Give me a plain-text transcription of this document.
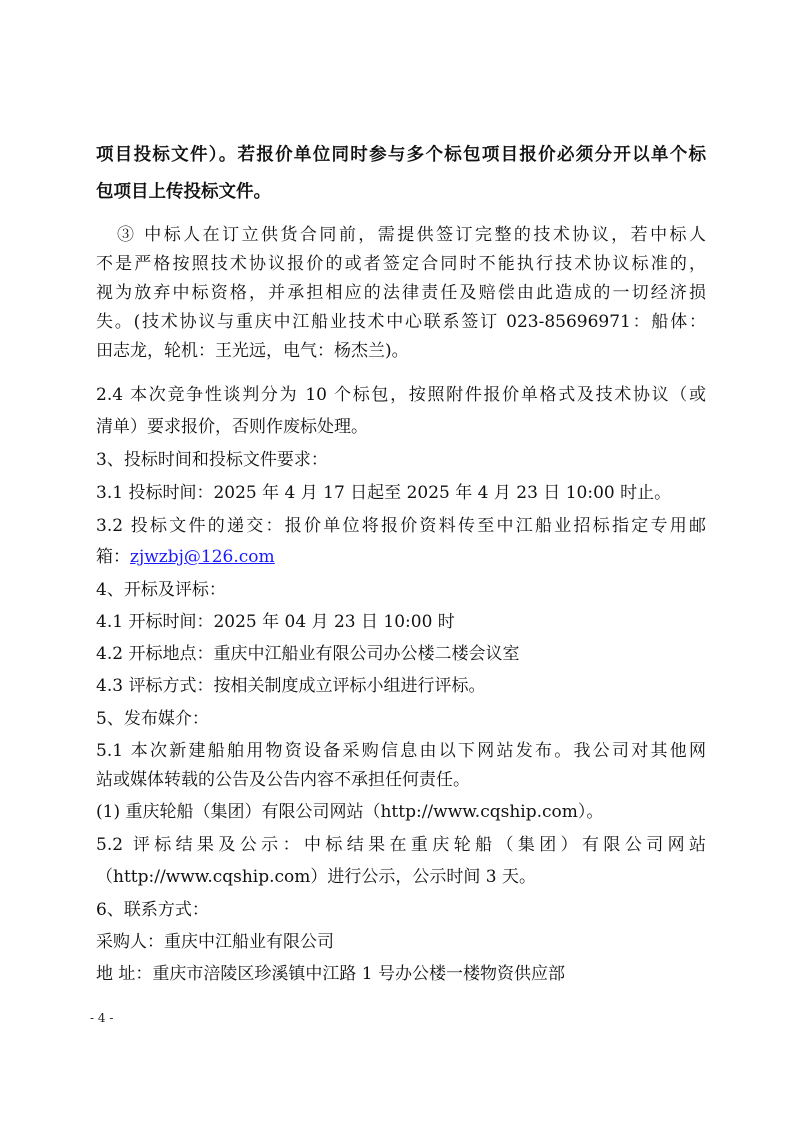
项目投标文件）。若报价单位同时参与多个标包项目报价必须分开以单个标
包项目上传投标文件。
③ 中标人在订立供货合同前，需提供签订完整的技术协议，若中标人
不是严格按照技术协议报价的或者签定合同时不能执行技术协议标准的，
视为放弃中标资格，并承担相应的法律责任及赔偿由此造成的一切经济损
失。(技术协议与重庆中江船业技术中心联系签订 023-85696971：船体：
田志龙，轮机：王光远，电气：杨杰兰)。
2.4 本次竞争性谈判分为 10 个标包，按照附件报价单格式及技术协议（或
清单）要求报价，否则作废标处理。
3、投标时间和投标文件要求：
3.1 投标时间：2025 年 4 月 17 日起至 2025 年 4 月 23 日 10:00 时止。
3.2 投标文件的递交：报价单位将报价资料传至中江船业招标指定专用邮
箱：zjwzbj@126.com
4、开标及评标：
4.1 开标时间：2025 年 04 月 23 日 10:00 时
4.2 开标地点：重庆中江船业有限公司办公楼二楼会议室
4.3 评标方式：按相关制度成立评标小组进行评标。
5、发布媒介：
5.1 本次新建船舶用物资设备采购信息由以下网站发布。我公司对其他网
站或媒体转载的公告及公告内容不承担任何责任。
(1) 重庆轮船（集团）有限公司网站（http://www.cqship.com）。
5.2 评标结果及公示：中标结果在重庆轮船（集团）有限公司网站
（http://www.cqship.com）进行公示，公示时间 3 天。
6、联系方式：
采购人：重庆中江船业有限公司
地 址：重庆市涪陵区珍溪镇中江路 1 号办公楼一楼物资供应部
- 4 -
